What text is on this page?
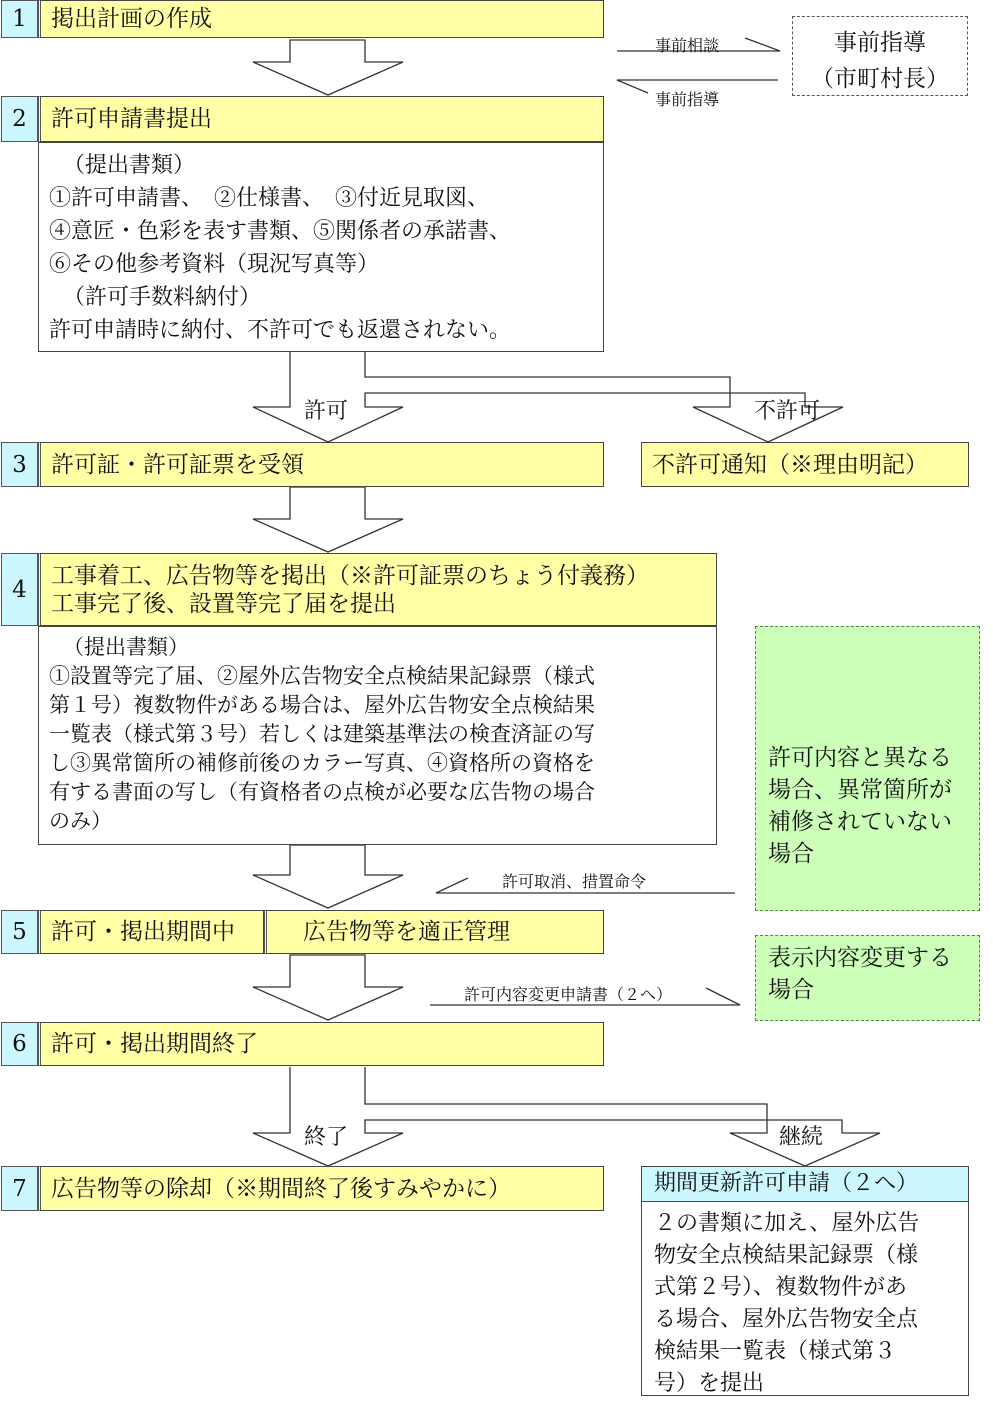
1	掲出計画の作成
事前指導
（市町村長）
事前相談
事前指導
2	許可申請書提出
（提出書類）
①許可申請書、　②仕様書、　③付近見取図、
④意匠・色彩を表す書類、⑤関係者の承諾書、
⑥その他参考資料（現況写真等）
（許可手数料納付）
許可申請時に納付、不許可でも返還されない。
許可	不許可
3	許可証・許可証票を受領	不許可通知（※理由明記）
4
工事着工、広告物等を掲出（※許可証票のちょう付義務）
工事完了後、設置等完了届を提出
（提出書類）
①設置等完了届、②屋外広告物安全点検結果記録票（様式
第１号）複数物件がある場合は、屋外広告物安全点検結果
一覧表（様式第３号）若しくは建築基準法の検査済証の写
し③異常箇所の補修前後のカラー写真、④資格所の資格を
有する書面の写し（有資格者の点検が必要な広告物の場合
のみ）
許可内容と異なる
場合、異常箇所が
補修されていない
場合
許可取消、措置命令
5	許可・掲出期間中	広告物等を適正管理
表示内容変更する
場合
許可内容変更申請書（２へ）
6	許可・掲出期間終了
終了	継続
7	広告物等の除却（※期間終了後すみやかに）	期間更新許可申請（２へ）
２の書類に加え、屋外広告
物安全点検結果記録票（様
式第２号）、複数物件があ
る場合、屋外広告物安全点
検結果一覧表（様式第３
号）を提出
